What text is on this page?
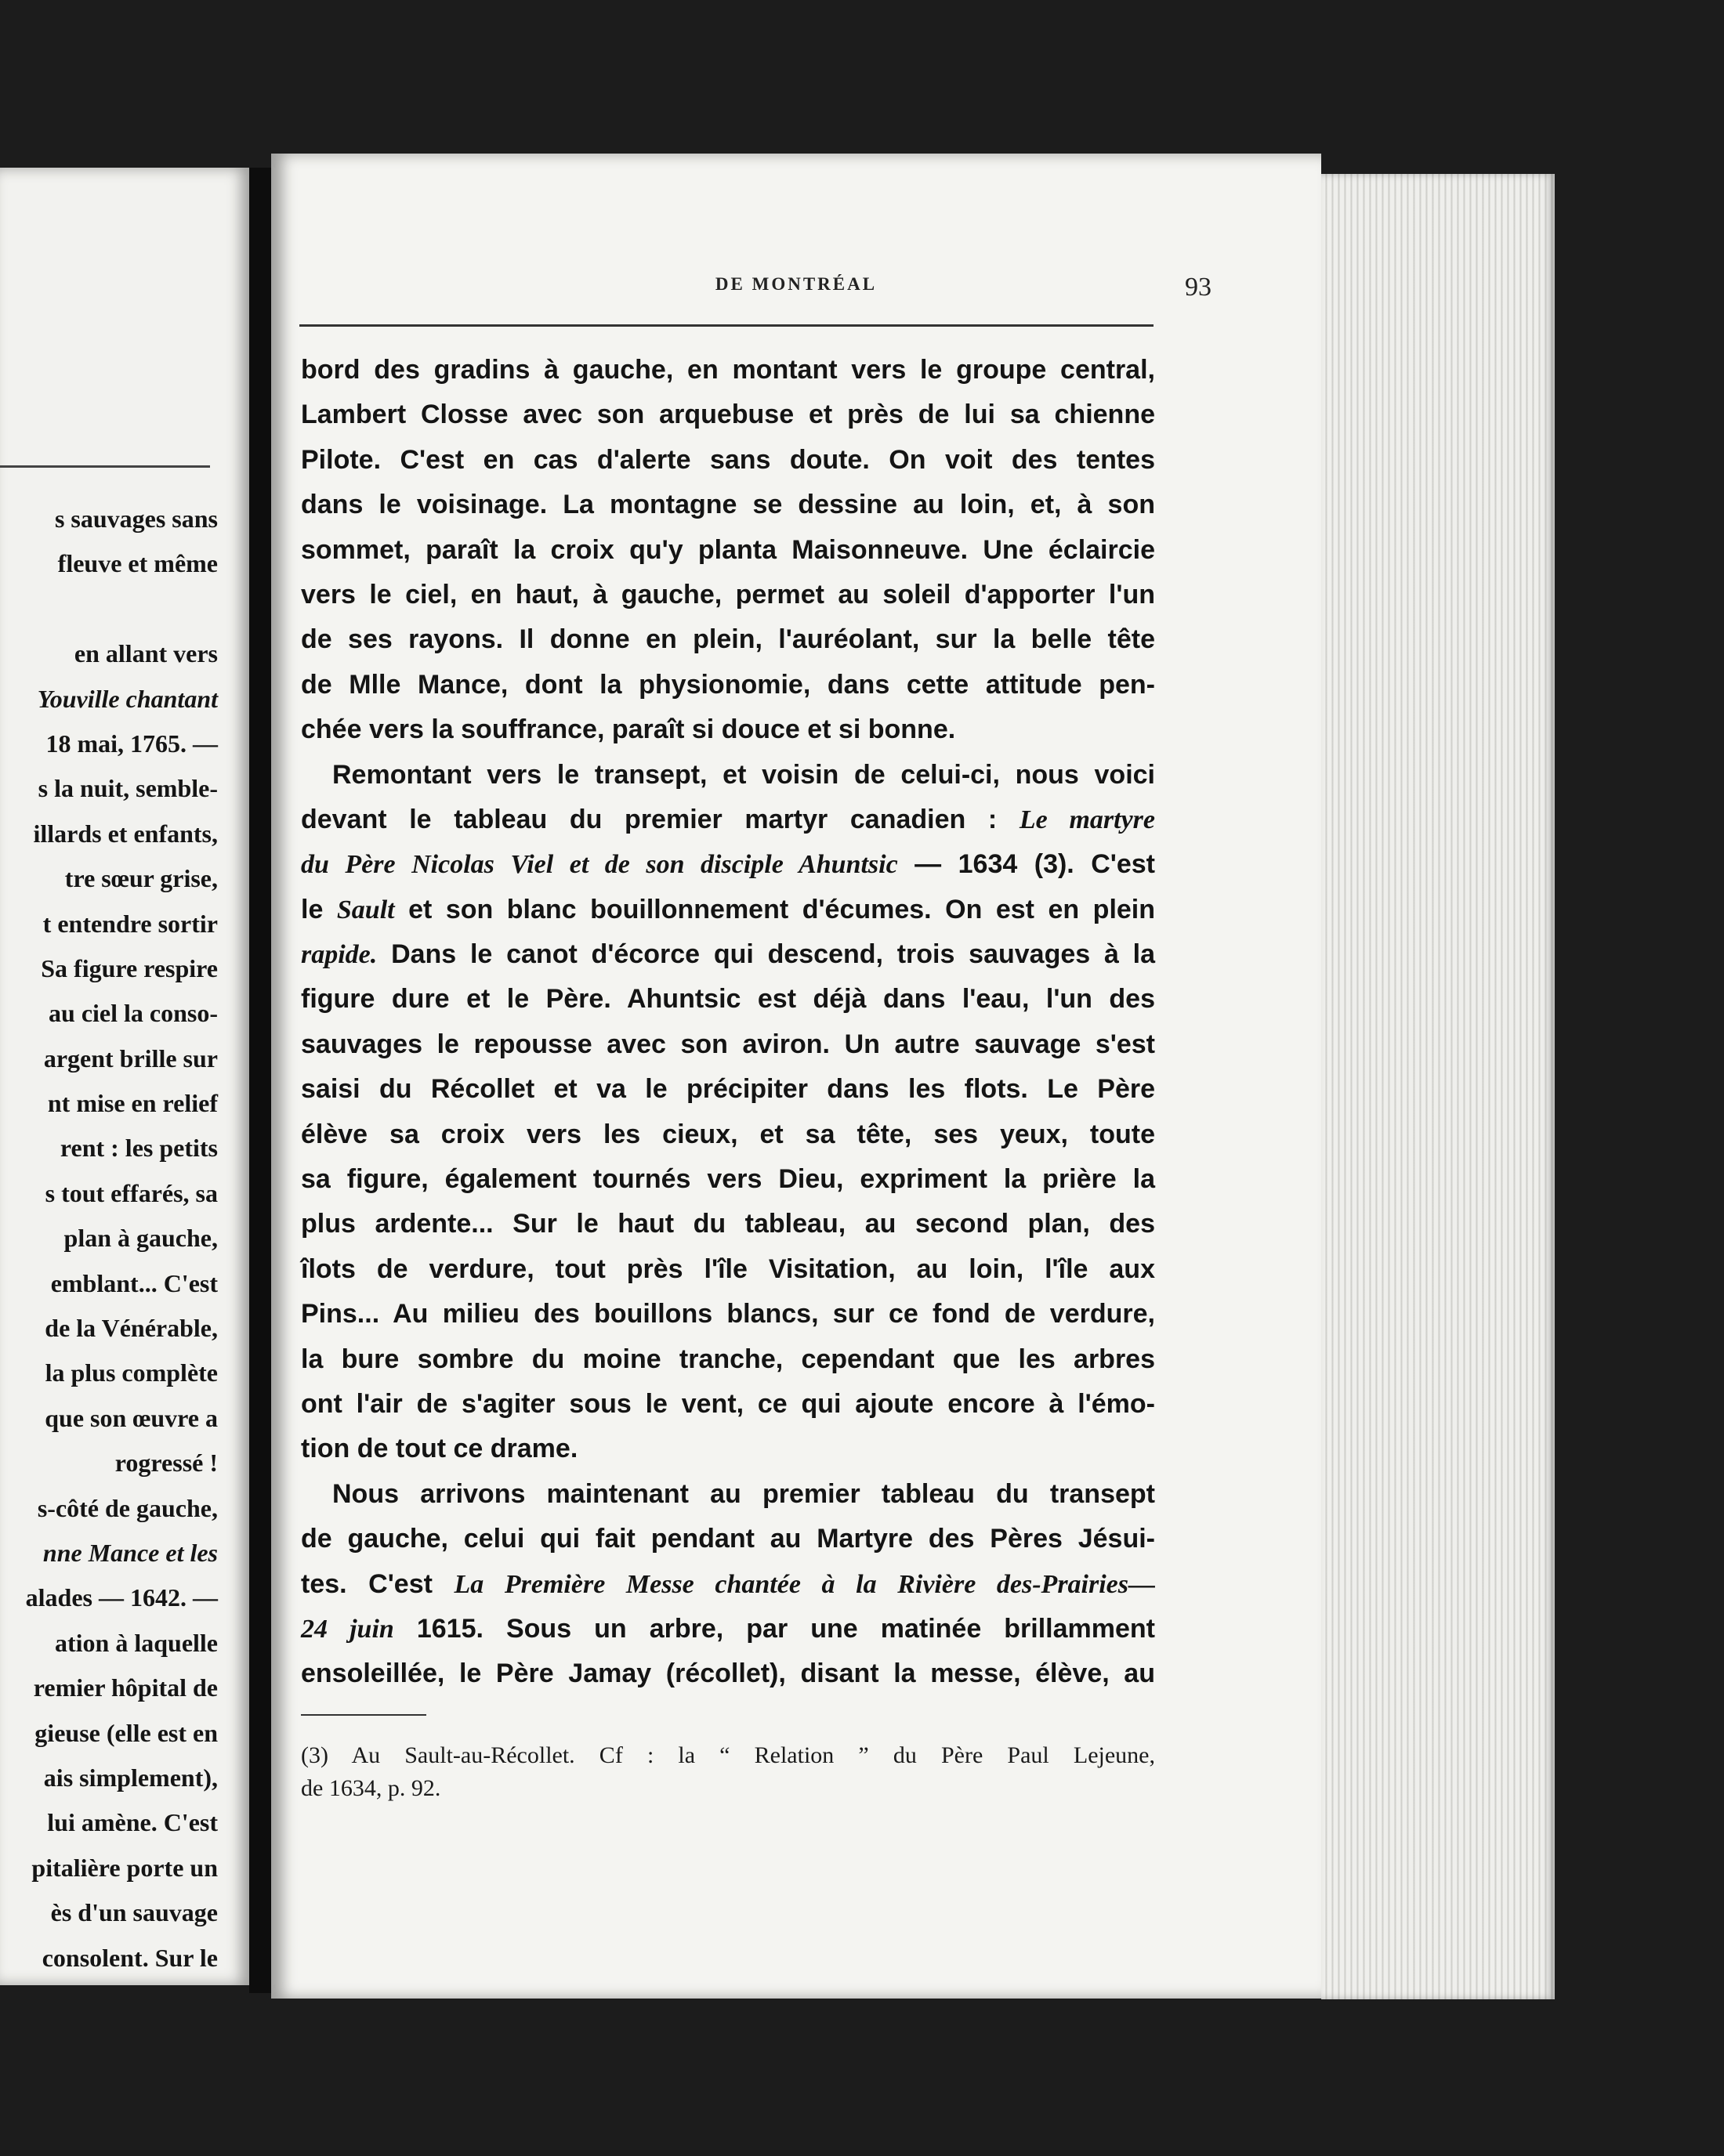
s sauvages sans
fleuve et même
en allant vers
Youville chantant
18 mai, 1765. —
s la nuit, semble-
illards et enfants,
tre sœur grise,
t entendre sortir
Sa figure respire
au ciel la conso-
argent brille sur
nt mise en relief
rent : les petits
s tout effarés, sa
plan à gauche,
emblant... C'est
de la Vénérable,
la plus complète
que son œuvre a
rogressé !
s-côté de gauche,
nne Mance et les
alades — 1642. —
ation à laquelle
remier hôpital de
gieuse (elle est en
ais simplement),
lui amène. C'est
pitalière porte un
ès d'un sauvage
consolent. Sur le
DE MONTRÉAL	93
bord des gradins à gauche, en montant vers le groupe central,
Lambert Closse avec son arquebuse et près de lui sa chienne
Pilote. C'est en cas d'alerte sans doute. On voit des tentes
dans le voisinage. La montagne se dessine au loin, et, à son
sommet, paraît la croix qu'y planta Maisonneuve. Une éclaircie
vers le ciel, en haut, à gauche, permet au soleil d'apporter l'un
de ses rayons. Il donne en plein, l'auréolant, sur la belle tête
de Mlle Mance, dont la physionomie, dans cette attitude pen-
chée vers la souffrance, paraît si douce et si bonne.
Remontant vers le transept, et voisin de celui-ci, nous voici
devant le tableau du premier martyr canadien : Le martyre
du Père Nicolas Viel et de son disciple Ahuntsic — 1634 (3). C'est
le Sault et son blanc bouillonnement d'écumes. On est en plein
rapide. Dans le canot d'écorce qui descend, trois sauvages à la
figure dure et le Père. Ahuntsic est déjà dans l'eau, l'un des
sauvages le repousse avec son aviron. Un autre sauvage s'est
saisi du Récollet et va le précipiter dans les flots. Le Père
élève sa croix vers les cieux, et sa tête, ses yeux, toute
sa figure, également tournés vers Dieu, expriment la prière la
plus ardente... Sur le haut du tableau, au second plan, des
îlots de verdure, tout près l'île Visitation, au loin, l'île aux
Pins... Au milieu des bouillons blancs, sur ce fond de verdure,
la bure sombre du moine tranche, cependant que les arbres
ont l'air de s'agiter sous le vent, ce qui ajoute encore à l'émo-
tion de tout ce drame.
Nous arrivons maintenant au premier tableau du transept
de gauche, celui qui fait pendant au Martyre des Pères Jésui-
tes. C'est La Première Messe chantée à la Rivière des-Prairies—
24 juin 1615. Sous un arbre, par une matinée brillamment
ensoleillée, le Père Jamay (récollet), disant la messe, élève, au
(3) Au Sault-au-Récollet. Cf : la “ Relation ” du Père Paul Lejeune,
de 1634, p. 92.
